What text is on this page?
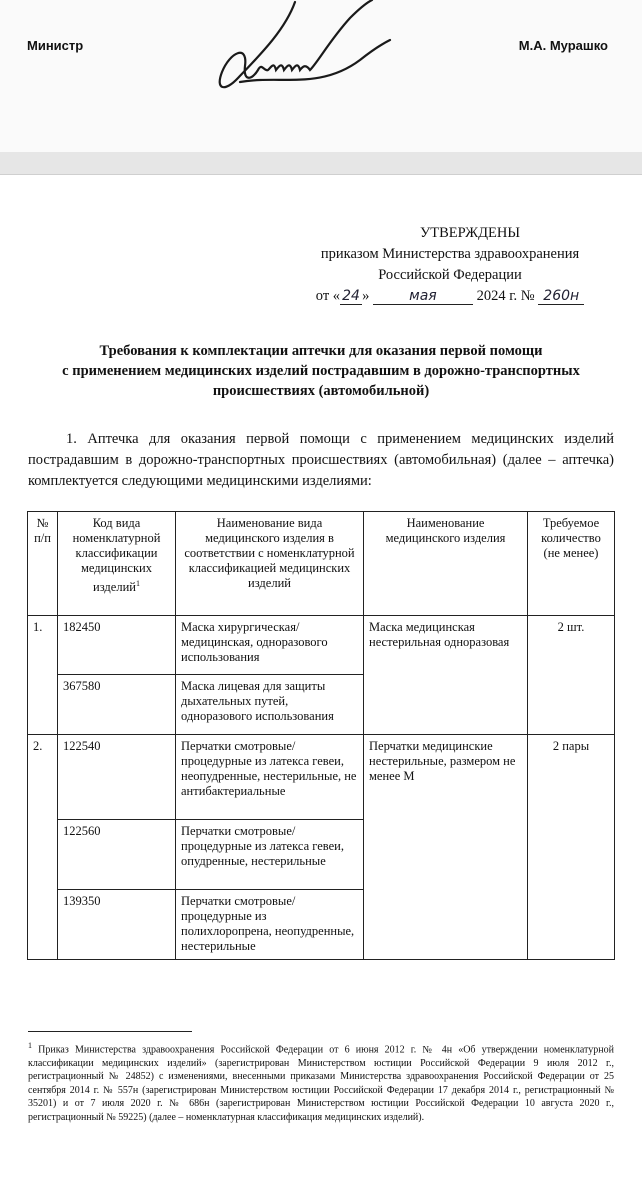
Министр	М.А. Мурашко
УТВЕРЖДЕНЫ
приказом Министерства здравоохранения
Российской Федерации
от « 24 »	мая	2024 г. № 260н
Требования к комплектации аптечки для оказания первой помощи
с применением медицинских изделий пострадавшим в дорожно-транспортных
происшествиях (автомобильной)
1. Аптечка для оказания первой помощи с применением медицинских изделий пострадавшим в дорожно-транспортных происшествиях (автомобильная) (далее – аптечка) комплектуется следующими медицинскими изделиями:
№ п/п	Код вида номенклатурной классификации медицинских изделий$^1$	Наименование вида медицинского изделия в соответствии с номенклатурной классификацией медицинских изделий	Наименование медицинского изделия	Требуемое количество (не менее)
1.	182450	Маска хирургическая/ медицинская, одноразового использования	Маска медицинская нестерильная одноразовая	2 шт.
	367580	Маска лицевая для защиты дыхательных путей, одноразового использования		
2.	122540	Перчатки смотровые/ процедурные из латекса гевеи, неопудренные, нестерильные, не антибактериальные	Перчатки медицинские нестерильные, размером не менее М	2 пары
	122560	Перчатки смотровые/ процедурные из латекса гевеи, опудренные, нестерильные		
	139350	Перчатки смотровые/ процедурные из полихлоропрена, неопудренные, нестерильные		
$^1$ Приказ Министерства здравоохранения Российской Федерации от 6 июня 2012 г. № 4н «Об утверждении номенклатурной классификации медицинских изделий» (зарегистрирован Министерством юстиции Российской Федерации 9 июля 2012 г., регистрационный № 24852) с изменениями, внесенными приказами Министерства здравоохранения Российской Федерации от 25 сентября 2014 г. № 557н (зарегистрирован Министерством юстиции Российской Федерации 17 декабря 2014 г., регистрационный № 35201) и от 7 июля 2020 г. № 686н (зарегистрирован Министерством юстиции Российской Федерации 10 августа 2020 г., регистрационный № 59225) (далее – номенклатурная классификация медицинских изделий).
